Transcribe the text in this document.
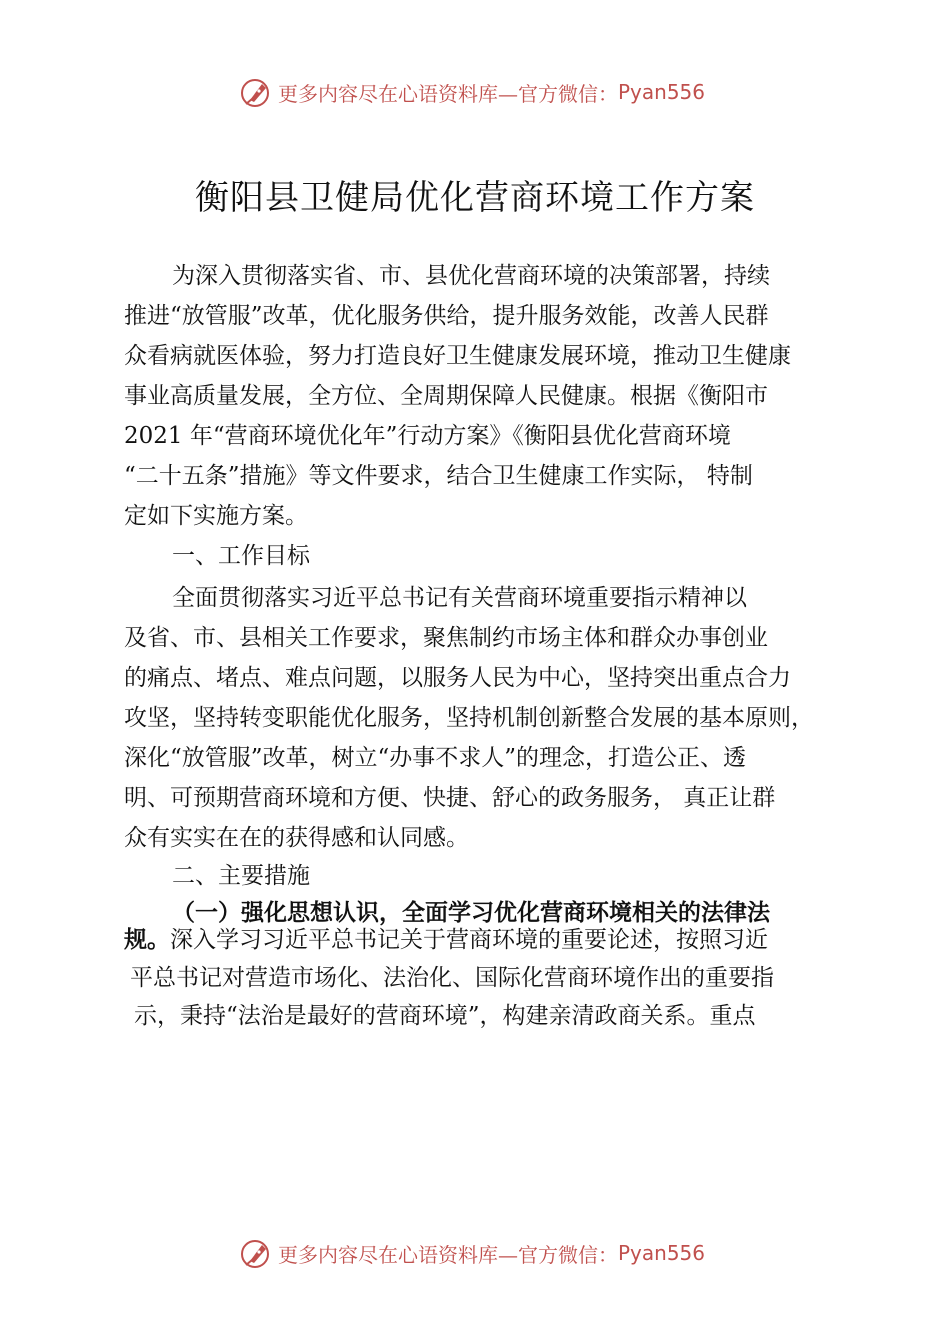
更多内容尽在心语资料库—官方微信： Pyan556
衡阳县卫健局优化营商环境工作方案
为深入贯彻落实省、市、县优化营商环境的决策部署，持续
推进“放管服”改革，优化服务供给，提升服务效能，改善人民群
众看病就医体验，努力打造良好卫生健康发展环境，推动卫生健康
事业高质量发展，全方位、全周期保障人民健康。根据《衡阳市
2021 年“营商环境优化年”行动方案》《衡阳县优化营商环境
“二十五条”措施》等文件要求，结合卫生健康工作实际， 特制
定如下实施方案。
一、工作目标
全面贯彻落实习近平总书记有关营商环境重要指示精神以
及省、市、县相关工作要求，聚焦制约市场主体和群众办事创业
的痛点、堵点、难点问题，以服务人民为中心，坚持突出重点合力
攻坚，坚持转变职能优化服务，坚持机制创新整合发展的基本原则，
深化“放管服”改革，树立“办事不求人”的理念，打造公正、透
明、可预期营商环境和方便、快捷、舒心的政务服务， 真正让群
众有实实在在的获得感和认同感。
二、主要措施
（一）强化思想认识，全面学习优化营商环境相关的法律法
规。深入学习习近平总书记关于营商环境的重要论述，按照习近
平总书记对营造市场化、法治化、国际化营商环境作出的重要指
示，秉持“法治是最好的营商环境”，构建亲清政商关系。重点
更多内容尽在心语资料库—官方微信： Pyan556
